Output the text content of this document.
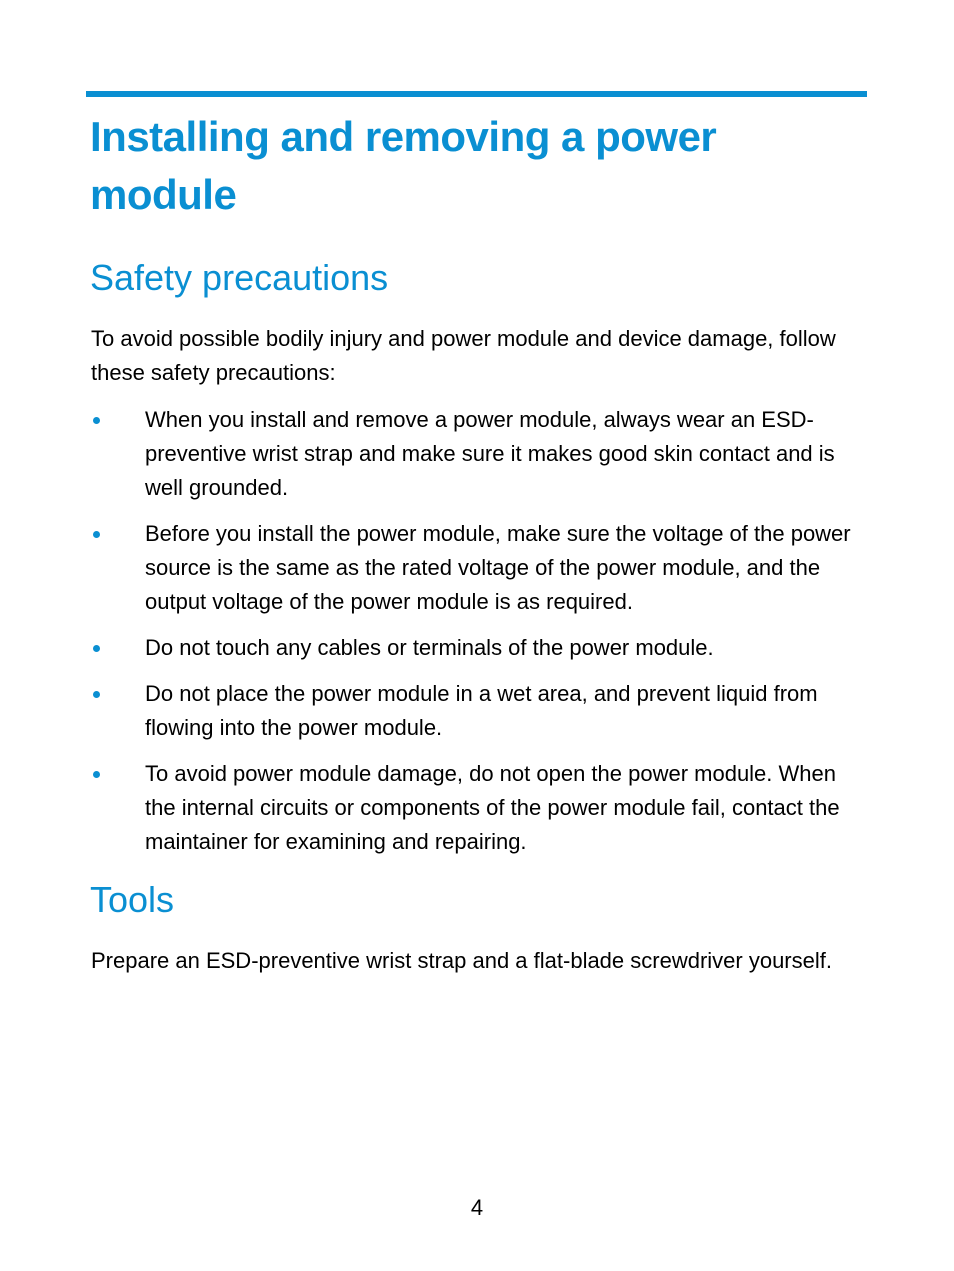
Installing and removing a power module
Safety precautions

To avoid possible bodily injury and power module and device damage, follow these safety precautions:

When you install and remove a power module, always wear an ESD-preventive wrist strap and make sure it makes good skin contact and is well grounded.
Before you install the power module, make sure the voltage of the power source is the same as the rated voltage of the power module, and the output voltage of the power module is as required.
Do not touch any cables or terminals of the power module.
Do not place the power module in a wet area, and prevent liquid from flowing into the power module.
To avoid power module damage, do not open the power module. When the internal circuits or components of the power module fail, contact the maintainer for examining and repairing.
Tools

Prepare an ESD-preventive wrist strap and a flat-blade screwdriver yourself.

4
